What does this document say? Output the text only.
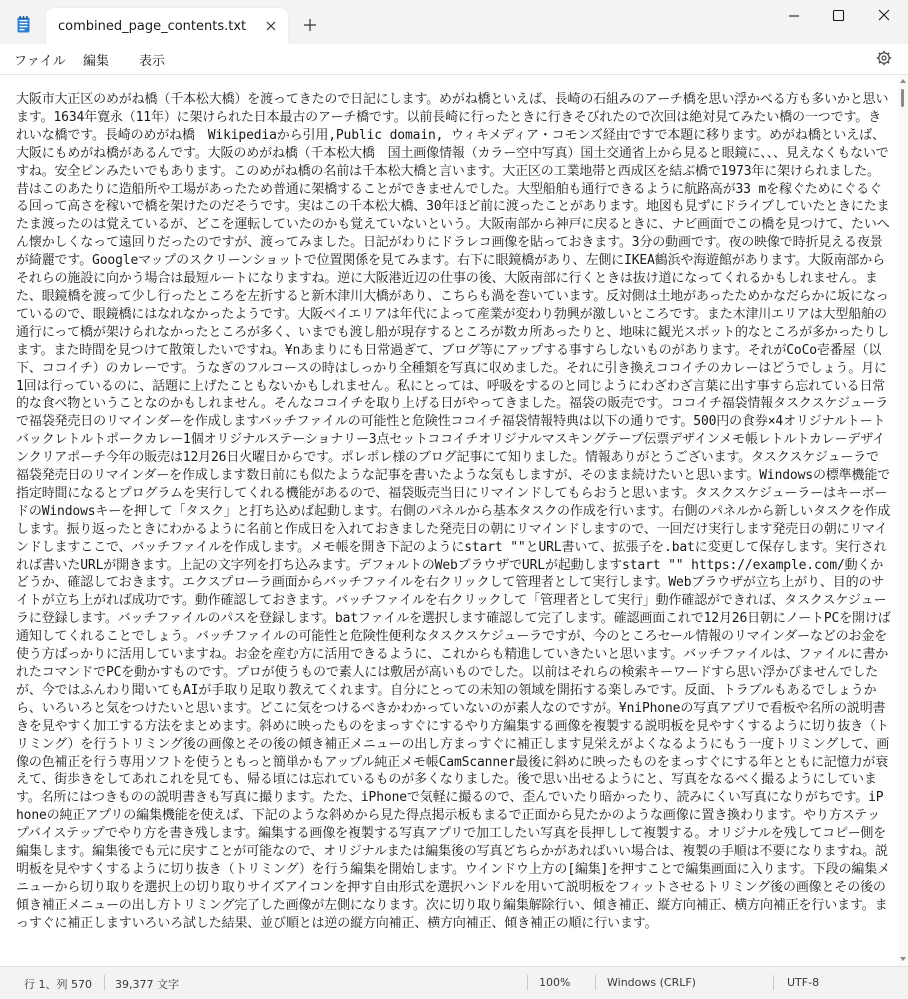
combined_page_contents.txt
ファイル 編集 表示

大阪市大正区のめがね橋（千本松大橋）を渡ってきたので日記にします。めがね橋といえば、長崎の石組みのアーチ橋を思い浮かべる方も多いかと思います。1634年寛永（11年）に架けられた日本最古のアーチ橋です。以前長崎に行ったときに行きそびれたので次回は絶対見てみたい橋の一つです。きれいな橋です。長崎のめがね橋　Wikipediaから引用,Public domain, ウィキメディア・コモンズ経由ですで本題に移ります。めがね橋といえば、大阪にもめがね橋があるんです。大阪のめがね橋（千本松大橋　国土画像情報（カラー空中写真）国土交通省上から見ると眼鏡に、、、見えなくもないですね。安全ピンみたいでもあります。このめがね橋の名前は千本松大橋と言います。大正区の工業地帯と西成区を結ぶ橋で1973年に架けられました。昔はこのあたりに造船所や工場があったため普通に架橋することができませんでした。大型船舶も通行できるように航路高が33 mを稼ぐためにぐるぐる回って高さを稼いで橋を架けたのだそうです。実はこの千本松大橋、30年ほど前に渡ったことがあります。地図も見ずにドライブしていたときにたまたま渡ったのは覚えているが、どこを運転していたのかも覚えていないという。大阪南部から神戸に戻るときに、ナビ画面でこの橋を見つけて、たいへん懐かしくなって遠回りだったのですが、渡ってみました。日記がわりにドラレコ画像を貼っておきます。3分の動画です。夜の映像で時折見える夜景が綺麗です。Googleマップのスクリーンショットで位置関係を見てみます。右下に眼鏡橋があり、左側にIKEA鶴浜や海遊館があります。大阪南部からそれらの施設に向かう場合は最短ルートになりますね。逆に大阪港近辺の仕事の後、大阪南部に行くときは抜け道になってくれるかもしれません。また、眼鏡橋を渡って少し行ったところを左折すると新木津川大橋があり、こちらも渦を巻いています。反対側は土地があったためかなだらかに坂になっているので、眼鏡橋にはなれなかったようです。大阪ベイエリアは年代によって産業が変わり勃興が激しいところです。また木津川エリアは大型船舶の通行にって橋が架けられなかったところが多く、いまでも渡し船が現存するところが数カ所あったりと、地味に観光スポット的なところが多かったりします。また時間を見つけて散策したいですね。¥nあまりにも日常過ぎて、ブログ等にアップする事すらしないものがあります。それがCoCo壱番屋（以下、ココイチ）のカレーです。うなぎのフルコースの時はしっかり全種類を写真に収めました。それに引き換えココイチのカレーはどうでしょう。月に1回は行っているのに、話題に上げたこともないかもしれません。私にとっては、呼吸をするのと同じようにわざわざ言葉に出す事すら忘れている日常的な食べ物ということなのかもしれません。そんなココイチを取り上げる日がやってきました。福袋の販売です。ココイチ福袋情報タスクスケジューラで福袋発売日のリマインダーを作成しますバッチファイルの可能性と危険性ココイチ福袋情報特典は以下の通りです。500円の食券×4オリジナルトートバックレトルトポークカレー1個オリジナルステーショナリー3点セットココイチオリジナルマスキングテープ伝票デザインメモ帳レトルトカレーデザインクリアポーチ今年の販売は12月26日火曜日からです。ポレポレ様のブログ記事にて知りました。情報ありがとうございます。タスクスケジューラで福袋発売日のリマインダーを作成します数日前にも似たような記事を書いたような気もしますが、そのまま続けたいと思います。Windowsの標準機能で指定時間になるとプログラムを実行してくれる機能があるので、福袋販売当日にリマインドしてもらおうと思います。タスクスケジューラーはキーボードのWindowsキーを押して「タスク」と打ち込めば起動します。右側のパネルから基本タスクの作成を行います。右側のパネルから新しいタスクを作成します。振り返ったときにわかるように名前と作成日を入れておきました発売日の朝にリマインドしますので、一回だけ実行します発売日の朝にリマインドしますここで、バッチファイルを作成します。メモ帳を開き下記のようにstart ""とURL書いて、拡張子を.batに変更して保存します。実行されれば書いたURLが開きます。上記の文字列を打ち込みます。デフォルトのWebブラウザでURLが起動しますstart "" https://example.com/動くかどうか、確認しておきます。エクスプローラ画面からバッチファイルを右クリックして管理者として実行します。Webブラウザが立ち上がり、目的のサイトが立ち上がれば成功です。動作確認しておきます。バッチファイルを右クリックして「管理者として実行」動作確認ができれば、タスクスケジューラに登録します。バッチファイルのパスを登録します。batファイルを選択します確認して完了します。確認画面これで12月26日朝にノートPCを開けば通知してくれることでしょう。バッチファイルの可能性と危険性便利なタスクスケジューラですが、今のところセール情報のリマインダーなどのお金を使う方ばっかりに活用していますね。お金を産む方に活用できるように、これからも精進していきたいと思います。バッチファイルは、ファイルに書かれたコマンドでPCを動かすものです。プロが使うもので素人には敷居が高いものでした。以前はそれらの検索キーワードすら思い浮かびませんでしたが、今ではふんわり聞いてもAIが手取り足取り教えてくれます。自分にとっての未知の領域を開拓する楽しみです。反面、トラブルもあるでしょうから、いろいろと気をつけたいと思います。どこに気をつけるべきかわかっていないのが素人なのですが。¥niPhoneの写真アプリで看板や名所の説明書きを見やすく加工する方法をまとめます。斜めに映ったものをまっすぐにするやり方編集する画像を複製する説明板を見やすくするように切り抜き（トリミング）を行うトリミング後の画像とその後の傾き補正メニューの出し方まっすぐに補正します見栄えがよくなるようにもう一度トリミングして、画像の色補正を行う専用ソフトを使うともっと簡単かもアップル純正メモ帳CamScanner最後に斜めに映ったものをまっすぐにする年とともに記憶力が衰えて、街歩きをしてあれこれを見ても、帰る頃には忘れているものが多くなりました。後で思い出せるようにと、写真をなるべく撮るようにしています。名所にはつきものの説明書きも写真に撮ります。たた、iPhoneで気軽に撮るので、歪んでいたり暗かったり、読みにくい写真になりがちです。iPhoneの純正アプリの編集機能を使えば、下記のような斜めから見た得点掲示板もまるで正面から見たかのような画像に置き換わります。やり方ステップバイステップでやり方を書き残します。編集する画像を複製する写真アプリで加工したい写真を長押しして複製する。オリジナルを残してコピー側を編集します。編集後でも元に戻すことが可能なので、オリジナルまたは編集後の写真どちらかがあればいい場合は、複製の手順は不要になりますね。説明板を見やすくするように切り抜き（トリミング）を行う編集を開始します。ウインドウ上方の[編集]を押すことで編集画面に入ります。下段の編集メニューから切り取りを選択上の切り取りサイズアイコンを押す自由形式を選択ハンドルを用いて説明板をフィットさせるトリミング後の画像とその後の傾き補正メニューの出し方トリミング完了した画像が左側になります。次に切り取り編集解除行い、傾き補正、縦方向補正、横方向補正を行います。まっすぐに補正しますいろいろ試した結果、並び順とは逆の縦方向補正、横方向補正、傾き補正の順に行います。

行 1、列 570 39,377 文字	100%	Windows (CRLF)	UTF-8
